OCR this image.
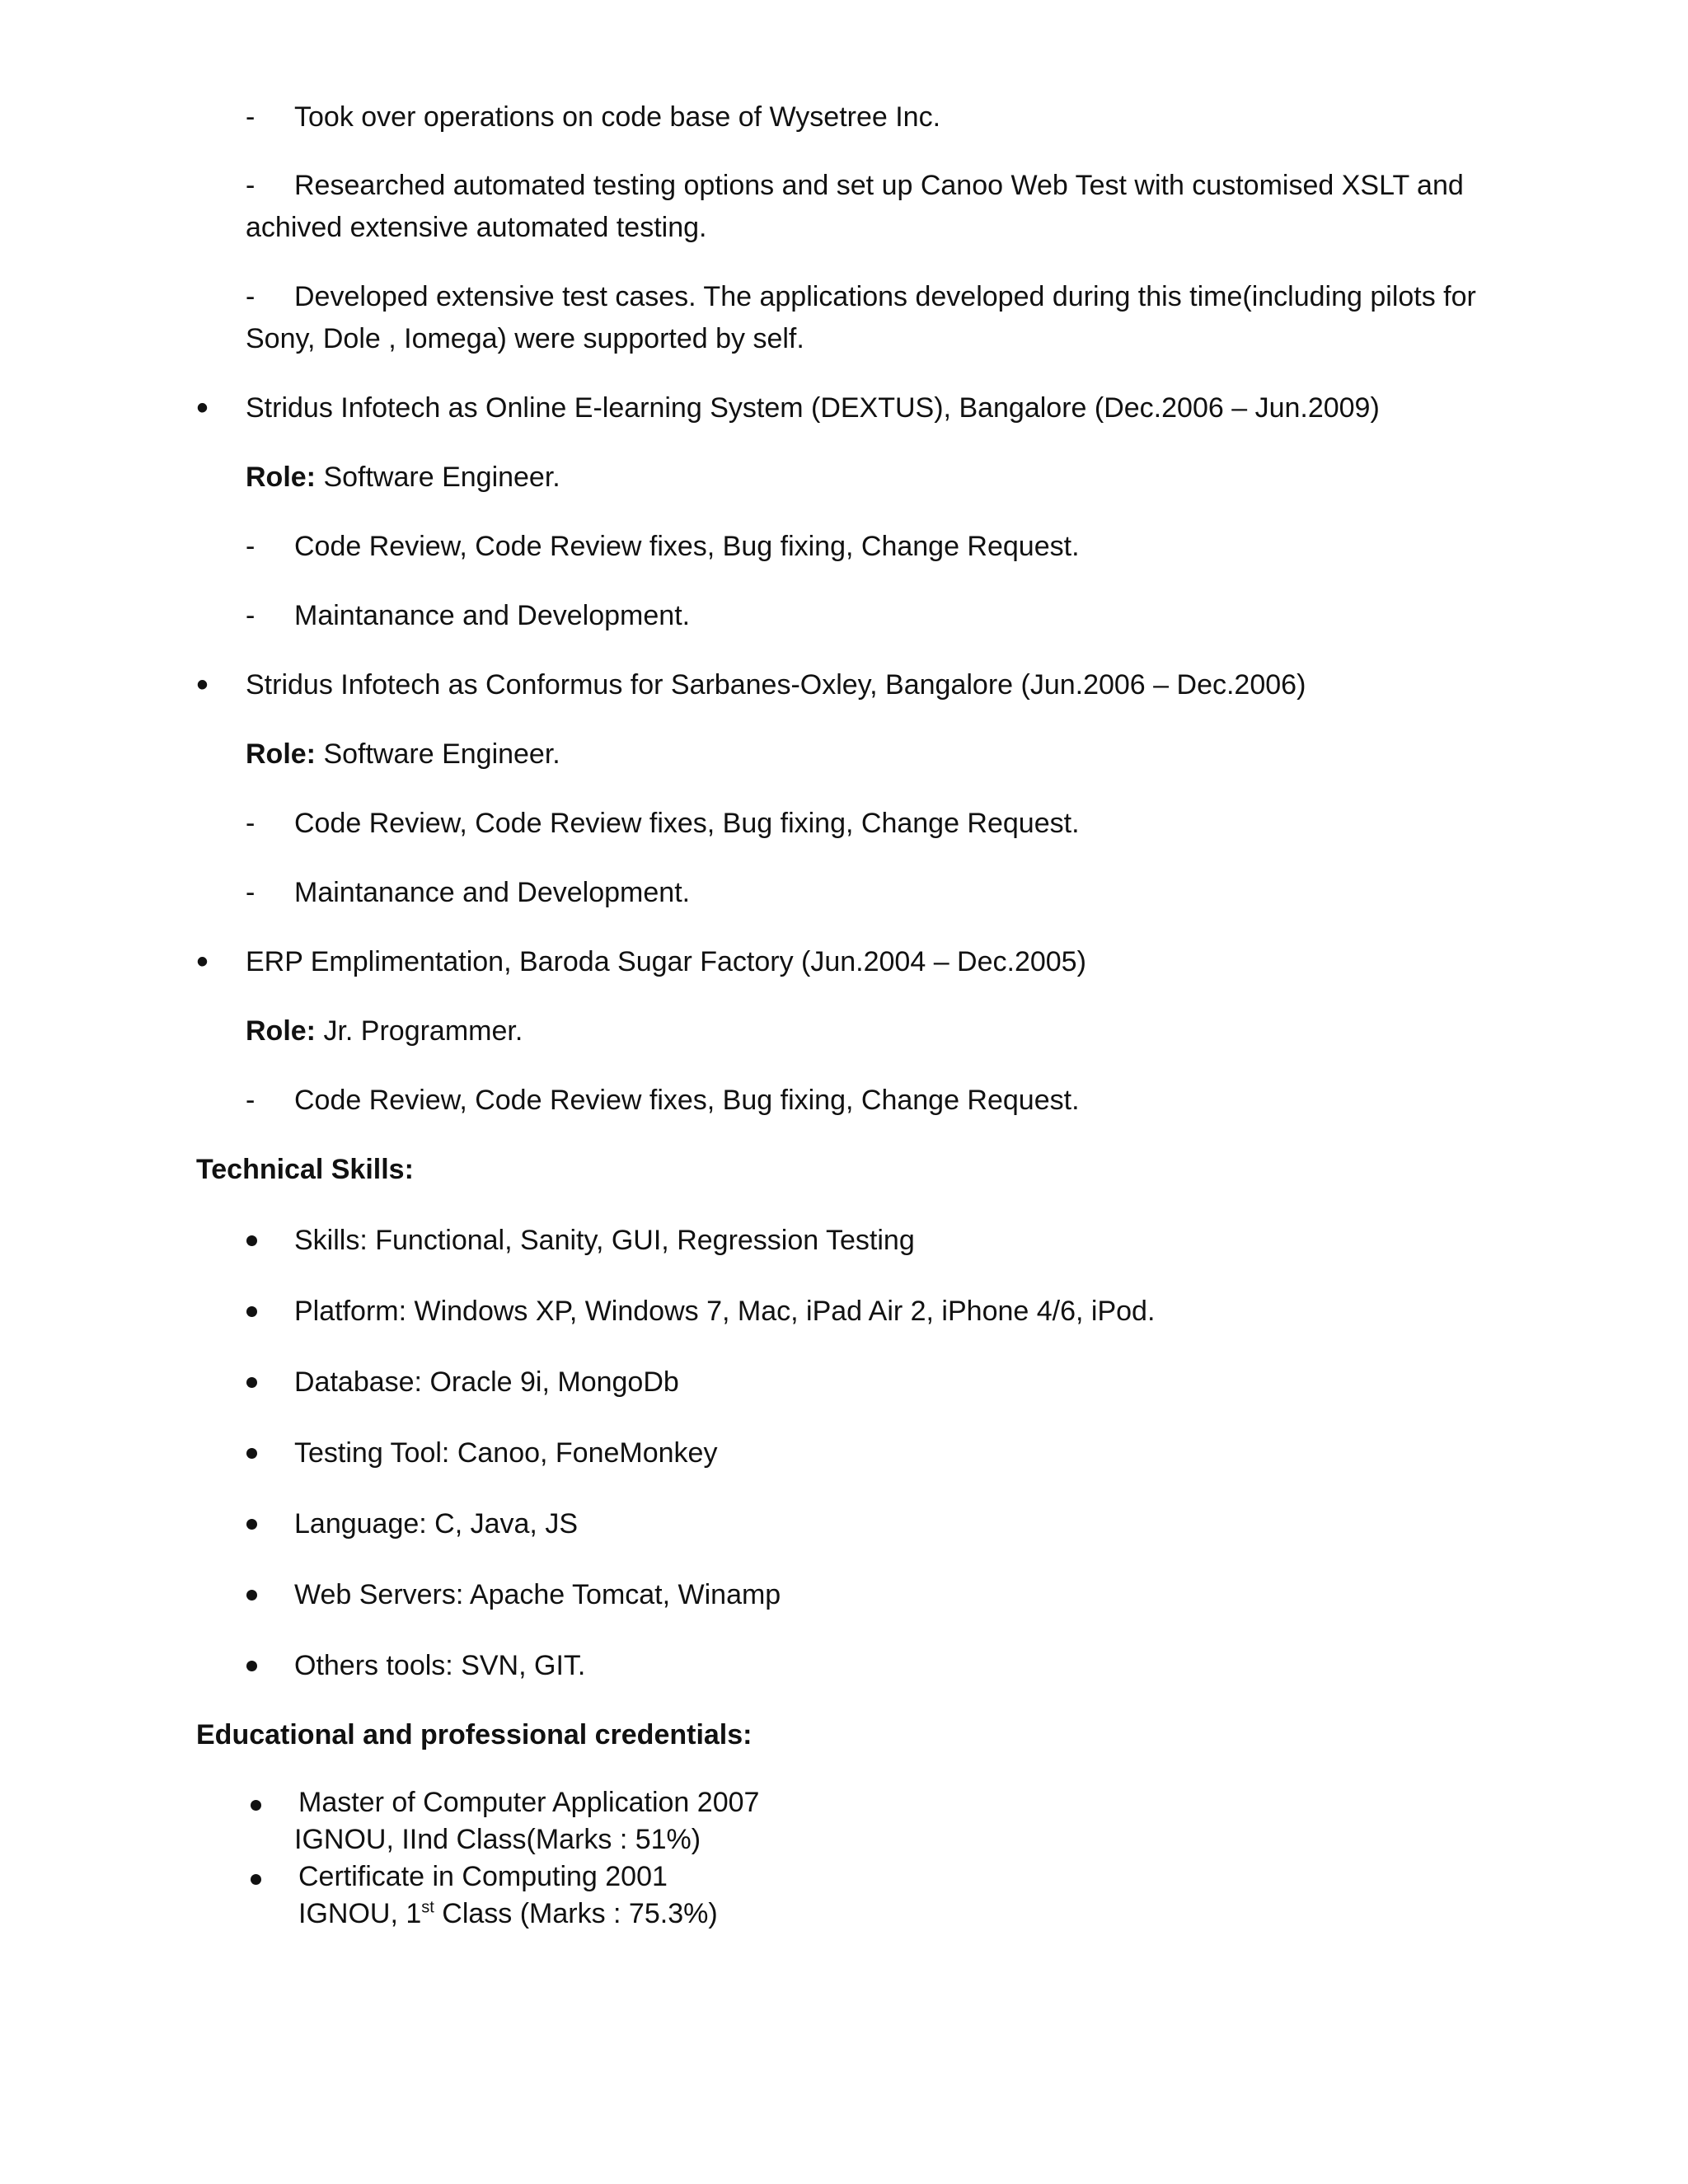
- Took over operations on code base of Wysetree Inc.
-	Researched automated testing options and set up Canoo Web Test with customised XSLT and achived extensive automated testing.
-	Developed extensive test cases. The applications developed during this time(including pilots for Sony, Dole , Iomega) were supported by self.
• Stridus Infotech as Online E-learning System (DEXTUS), Bangalore (Dec.2006 – Jun.2009)
Role: Software Engineer.
- Code Review, Code Review fixes, Bug fixing, Change Request.
- Maintanance and Development.
• Stridus Infotech as Conformus for Sarbanes-Oxley, Bangalore (Jun.2006 – Dec.2006)
Role: Software Engineer.
- Code Review, Code Review fixes, Bug fixing, Change Request.
- Maintanance and Development.
• ERP Emplimentation, Baroda Sugar Factory (Jun.2004 – Dec.2005)
Role: Jr. Programmer.
- Code Review, Code Review fixes, Bug fixing, Change Request.
Technical Skills:
Skills: Functional, Sanity, GUI, Regression Testing
Platform: Windows XP, Windows 7, Mac, iPad Air 2, iPhone 4/6, iPod.
Database: Oracle 9i, MongoDb
Testing Tool: Canoo, FoneMonkey
Language: C, Java, JS
Web Servers: Apache Tomcat, Winamp
Others tools: SVN, GIT.
Educational and professional credentials:
Master of Computer Application 2007
IGNOU, IInd Class(Marks : 51%)
Certificate in Computing 2001
IGNOU, 1st Class (Marks : 75.3%)
